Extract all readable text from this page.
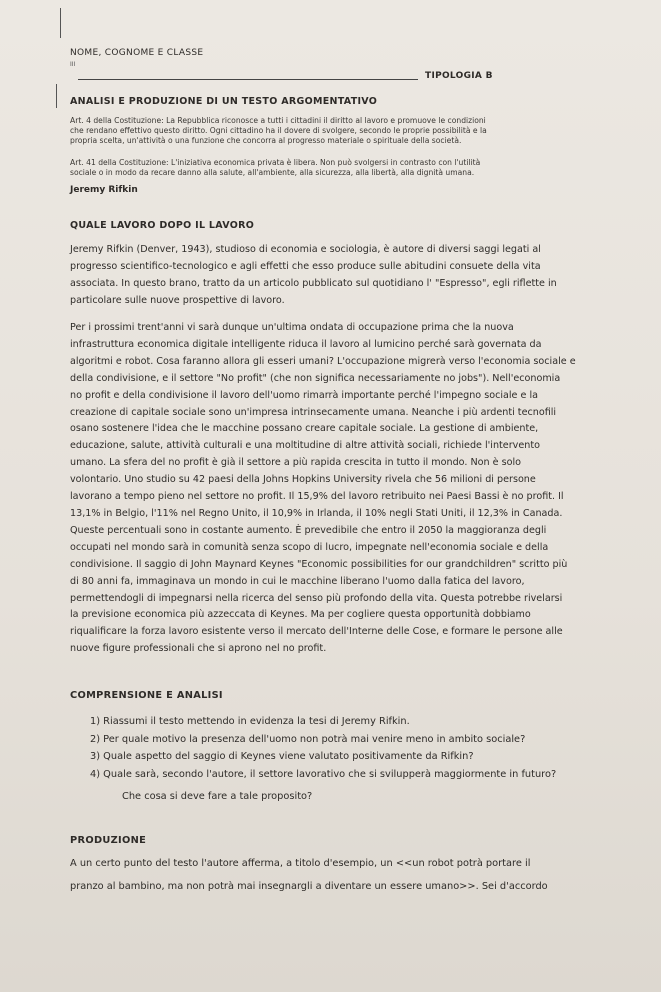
NOME, COGNOME E CLASSE
III
TIPOLOGIA B
ANALISI E PRODUZIONE DI UN TESTO ARGOMENTATIVO

Art. 4 della Costituzione: La Repubblica riconosce a tutti i cittadini il diritto al lavoro e promuove le condizioni

che rendano effettivo questo diritto. Ogni cittadino ha il dovere di svolgere, secondo le proprie possibilità e la

propria scelta, un'attività o una funzione che concorra al progresso materiale o spirituale della società.

Art. 41 della Costituzione: L'iniziativa economica privata è libera. Non può svolgersi in contrasto con l'utilità

sociale o in modo da recare danno alla salute, all'ambiente, alla sicurezza, alla libertà, alla dignità umana.

Jeremy Rifkin
QUALE LAVORO DOPO IL LAVORO

Jeremy Rifkin (Denver, 1943), studioso di economia e sociologia, è autore di diversi saggi legati al

progresso scientifico-tecnologico e agli effetti che esso produce sulle abitudini consuete della vita

associata. In questo brano, tratto da un articolo pubblicato sul quotidiano l' "Espresso", egli riflette in

particolare sulle nuove prospettive di lavoro.

Per i prossimi trent'anni vi sarà dunque un'ultima ondata di occupazione prima che la nuova

infrastruttura economica digitale intelligente riduca il lavoro al lumicino perché sarà governata da

algoritmi e robot. Cosa faranno allora gli esseri umani? L'occupazione migrerà verso l'economia sociale e

della condivisione, e il settore "No profit" (che non significa necessariamente no jobs"). Nell'economia

no profit e della condivisione il lavoro dell'uomo rimarrà importante perché l'impegno sociale e la

creazione di capitale sociale sono un'impresa intrinsecamente umana. Neanche i più ardenti tecnofili

osano sostenere l'idea che le macchine possano creare capitale sociale. La gestione di ambiente,

educazione, salute, attività culturali e una moltitudine di altre attività sociali, richiede l'intervento

umano. La sfera del no profit è già il settore a più rapida crescita in tutto il mondo. Non è solo

volontario. Uno studio su 42 paesi della Johns Hopkins University rivela che 56 milioni di persone

lavorano a tempo pieno nel settore no profit. Il 15,9% del lavoro retribuito nei Paesi Bassi è no profit. Il

13,1% in Belgio, l'11% nel Regno Unito, il 10,9% in Irlanda, il 10% negli Stati Uniti, il 12,3% in Canada.

Queste percentuali sono in costante aumento. È prevedibile che entro il 2050 la maggioranza degli

occupati nel mondo sarà in comunità senza scopo di lucro, impegnate nell'economia sociale e della

condivisione. Il saggio di John Maynard Keynes "Economic possibilities for our grandchildren" scritto più

di 80 anni fa, immaginava un mondo in cui le macchine liberano l'uomo dalla fatica del lavoro,

permettendogli di impegnarsi nella ricerca del senso più profondo della vita. Questa potrebbe rivelarsi

la previsione economica più azzeccata di Keynes. Ma per cogliere questa opportunità dobbiamo

riqualificare la forza lavoro esistente verso il mercato dell'Interne delle Cose, e formare le persone alle

nuove figure professionali che si aprono nel no profit.

COMPRENSIONE E ANALISI

1) Riassumi il testo mettendo in evidenza la tesi di Jeremy Rifkin.

2) Per quale motivo la presenza dell'uomo non potrà mai venire meno in ambito sociale?

3) Quale aspetto del saggio di Keynes viene valutato positivamente da Rifkin?

4) Quale sarà, secondo l'autore, il settore lavorativo che si svilupperà maggiormente in futuro?

Che cosa si deve fare a tale proposito?

PRODUZIONE

A un certo punto del testo l'autore afferma, a titolo d'esempio, un <<un robot potrà portare il

pranzo al bambino, ma non potrà mai insegnargli a diventare un essere umano>>. Sei d'accordo
